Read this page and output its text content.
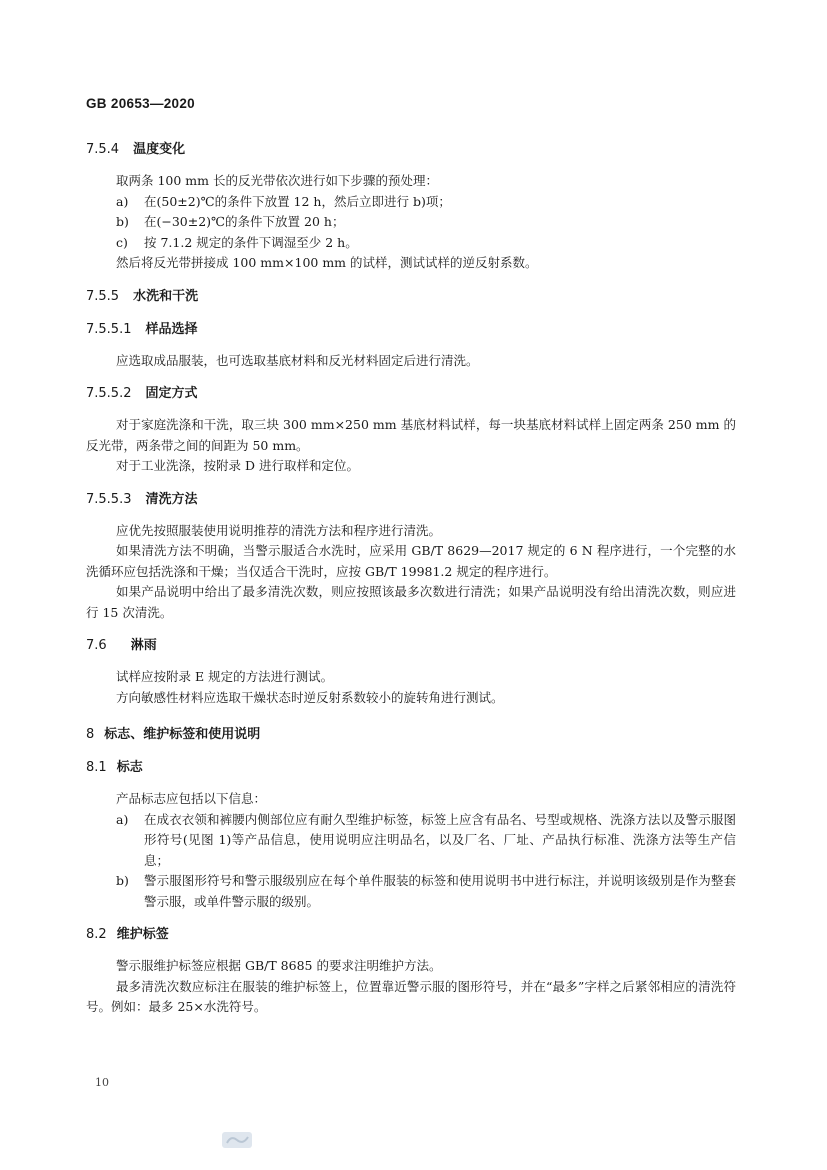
GB 20653—2020
7.5.4 温度变化

取两条 100 mm 长的反光带依次进行如下步骤的预处理：

a) 在(50±2)℃的条件下放置 12 h，然后立即进行 b)项；

b) 在(−30±2)℃的条件下放置 20 h；

c) 按 7.1.2 规定的条件下调湿至少 2 h。

然后将反光带拼接成 100 mm×100 mm 的试样，测试试样的逆反射系数。

7.5.5 水洗和干洗
7.5.5.1 样品选择

应选取成品服装，也可选取基底材料和反光材料固定后进行清洗。

7.5.5.2 固定方式

对于家庭洗涤和干洗，取三块 300 mm×250 mm 基底材料试样，每一块基底材料试样上固定两条 250 mm 的反光带，两条带之间的间距为 50 mm。

对于工业洗涤，按附录 D 进行取样和定位。

7.5.5.3 清洗方法

应优先按照服装使用说明推荐的清洗方法和程序进行清洗。

如果清洗方法不明确，当警示服适合水洗时，应采用 GB/T 8629—2017 规定的 6 N 程序进行，一个完整的水洗循环应包括洗涤和干燥；当仅适合干洗时，应按 GB/T 19981.2 规定的程序进行。

如果产品说明中给出了最多清洗次数，则应按照该最多次数进行清洗；如果产品说明没有给出清洗次数，则应进行 15 次清洗。

7.6 淋雨

试样应按附录 E 规定的方法进行测试。

方向敏感性材料应选取干燥状态时逆反射系数较小的旋转角进行测试。

8 标志、维护标签和使用说明
8.1 标志

产品标志应包括以下信息：

a) 在成衣衣领和裤腰内侧部位应有耐久型维护标签，标签上应含有品名、号型或规格、洗涤方法以及警示服图形符号(见图 1)等产品信息，使用说明应注明品名，以及厂名、厂址、产品执行标准、洗涤方法等生产信息；

b) 警示服图形符号和警示服级别应在每个单件服装的标签和使用说明书中进行标注，并说明该级别是作为整套警示服，或单件警示服的级别。

8.2 维护标签

警示服维护标签应根据 GB/T 8685 的要求注明维护方法。

最多清洗次数应标注在服装的维护标签上，位置靠近警示服的图形符号，并在“最多”字样之后紧邻相应的清洗符号。例如：最多 25×水洗符号。

10
